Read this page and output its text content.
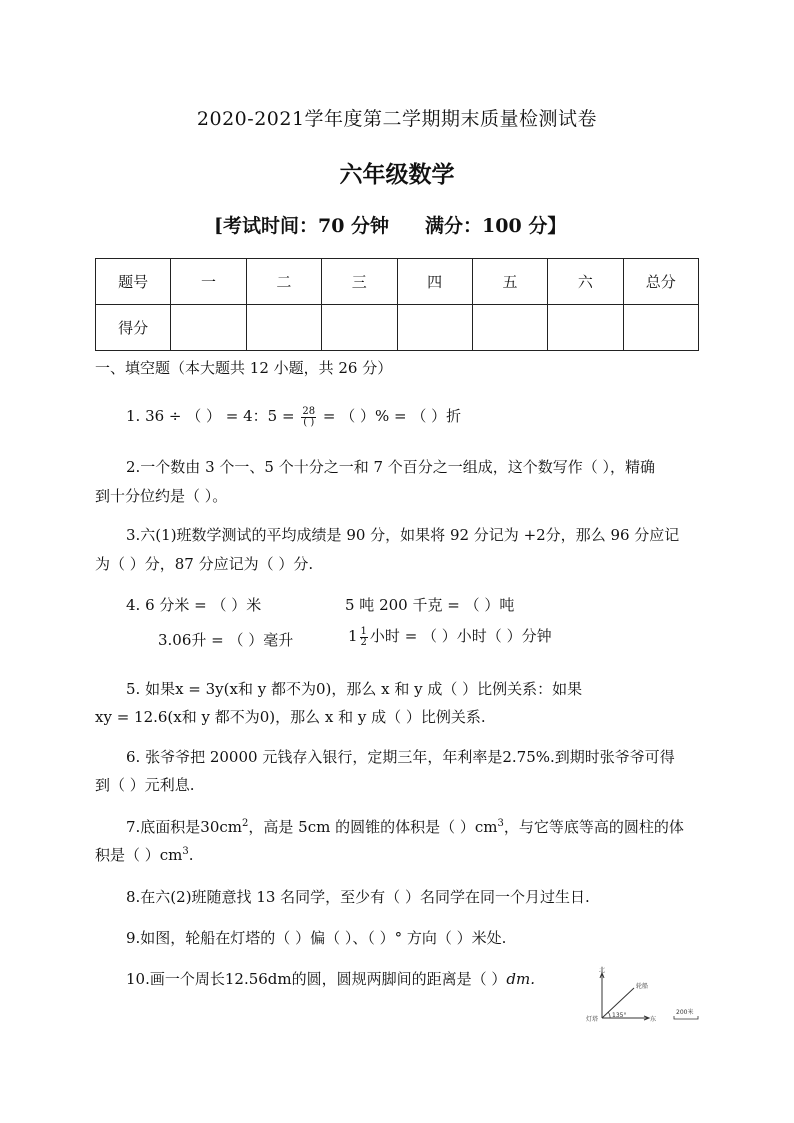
2020-2021学年度第二学期期末质量检测试卷
六年级数学
[考试时间：70 分钟 满分：100 分】
题号	一	二	三	四	五	六	总分
得分							
一、填空题（本大题共 12 小题，共 26 分）
1. 36 ÷ （ ） = 4：$5 = \frac{28}{( )}$ = （ ）% = （ ）折
2.一个数由 3 个一、5 个十分之一和 7 个百分之一组成，这个数写作（ ），精确
到十分位约是（ ）。
3.六(1)班数学测试的平均成绩是 90 分，如果将 92 分记为 +2分，那么 96 分应记
为（ ）分，87 分应记为（ ）分.
4. 6 分米 = （ ）米	5 吨 200 千克 = （ ）吨
3.06升 = （ ）毫升	$1 \frac{1}{2}$ 小时 = （ ）小时（ ）分钟
5. 如果x = 3y(x和 y 都不为0)，那么 x 和 y 成（ ）比例关系：如果
xy = 12.6(x和 y 都不为0)，那么 x 和 y 成（ ）比例关系.
6. 张爷爷把 20000 元钱存入银行，定期三年，年利率是2.75%.到期时张爷爷可得
到（ ）元利息.
7.底面积是$30cm^2$，高是 5cm 的圆锥的体积是（ ）$cm^3$，与它等底等高的圆柱的体
积是（ ）$cm^3$.
8.在六(2)班随意找 13 名同学，至少有（ ）名同学在同一个月过生日.
9.如图，轮船在灯塔的（ ）偏（ ）、（ ）° 方向（ ）米处.
10.画一个周长12.56dm的圆，圆规两脚间的距离是（ ）dm.	北
东
轮船
灯塔
135°	200米
